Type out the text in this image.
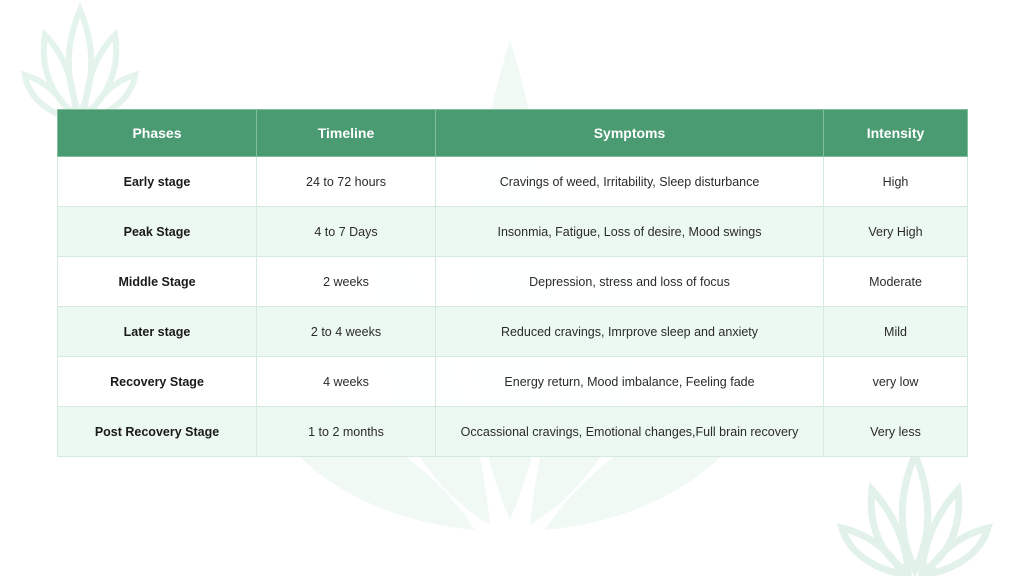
Phases	Timeline	Symptoms	Intensity
Early stage	24 to 72 hours	Cravings of weed, Irritability, Sleep disturbance	High
Peak Stage	4 to 7 Days	Insonmia, Fatigue, Loss of desire, Mood swings	Very High
Middle Stage	2 weeks	Depression, stress and loss of focus	Moderate
Later stage	2 to 4 weeks	Reduced cravings, Imrprove sleep and anxiety	Mild
Recovery Stage	4 weeks	Energy return, Mood imbalance, Feeling fade	very low
Post Recovery Stage	1 to 2 months	Occassional cravings, Emotional changes,Full brain recovery	Very less
